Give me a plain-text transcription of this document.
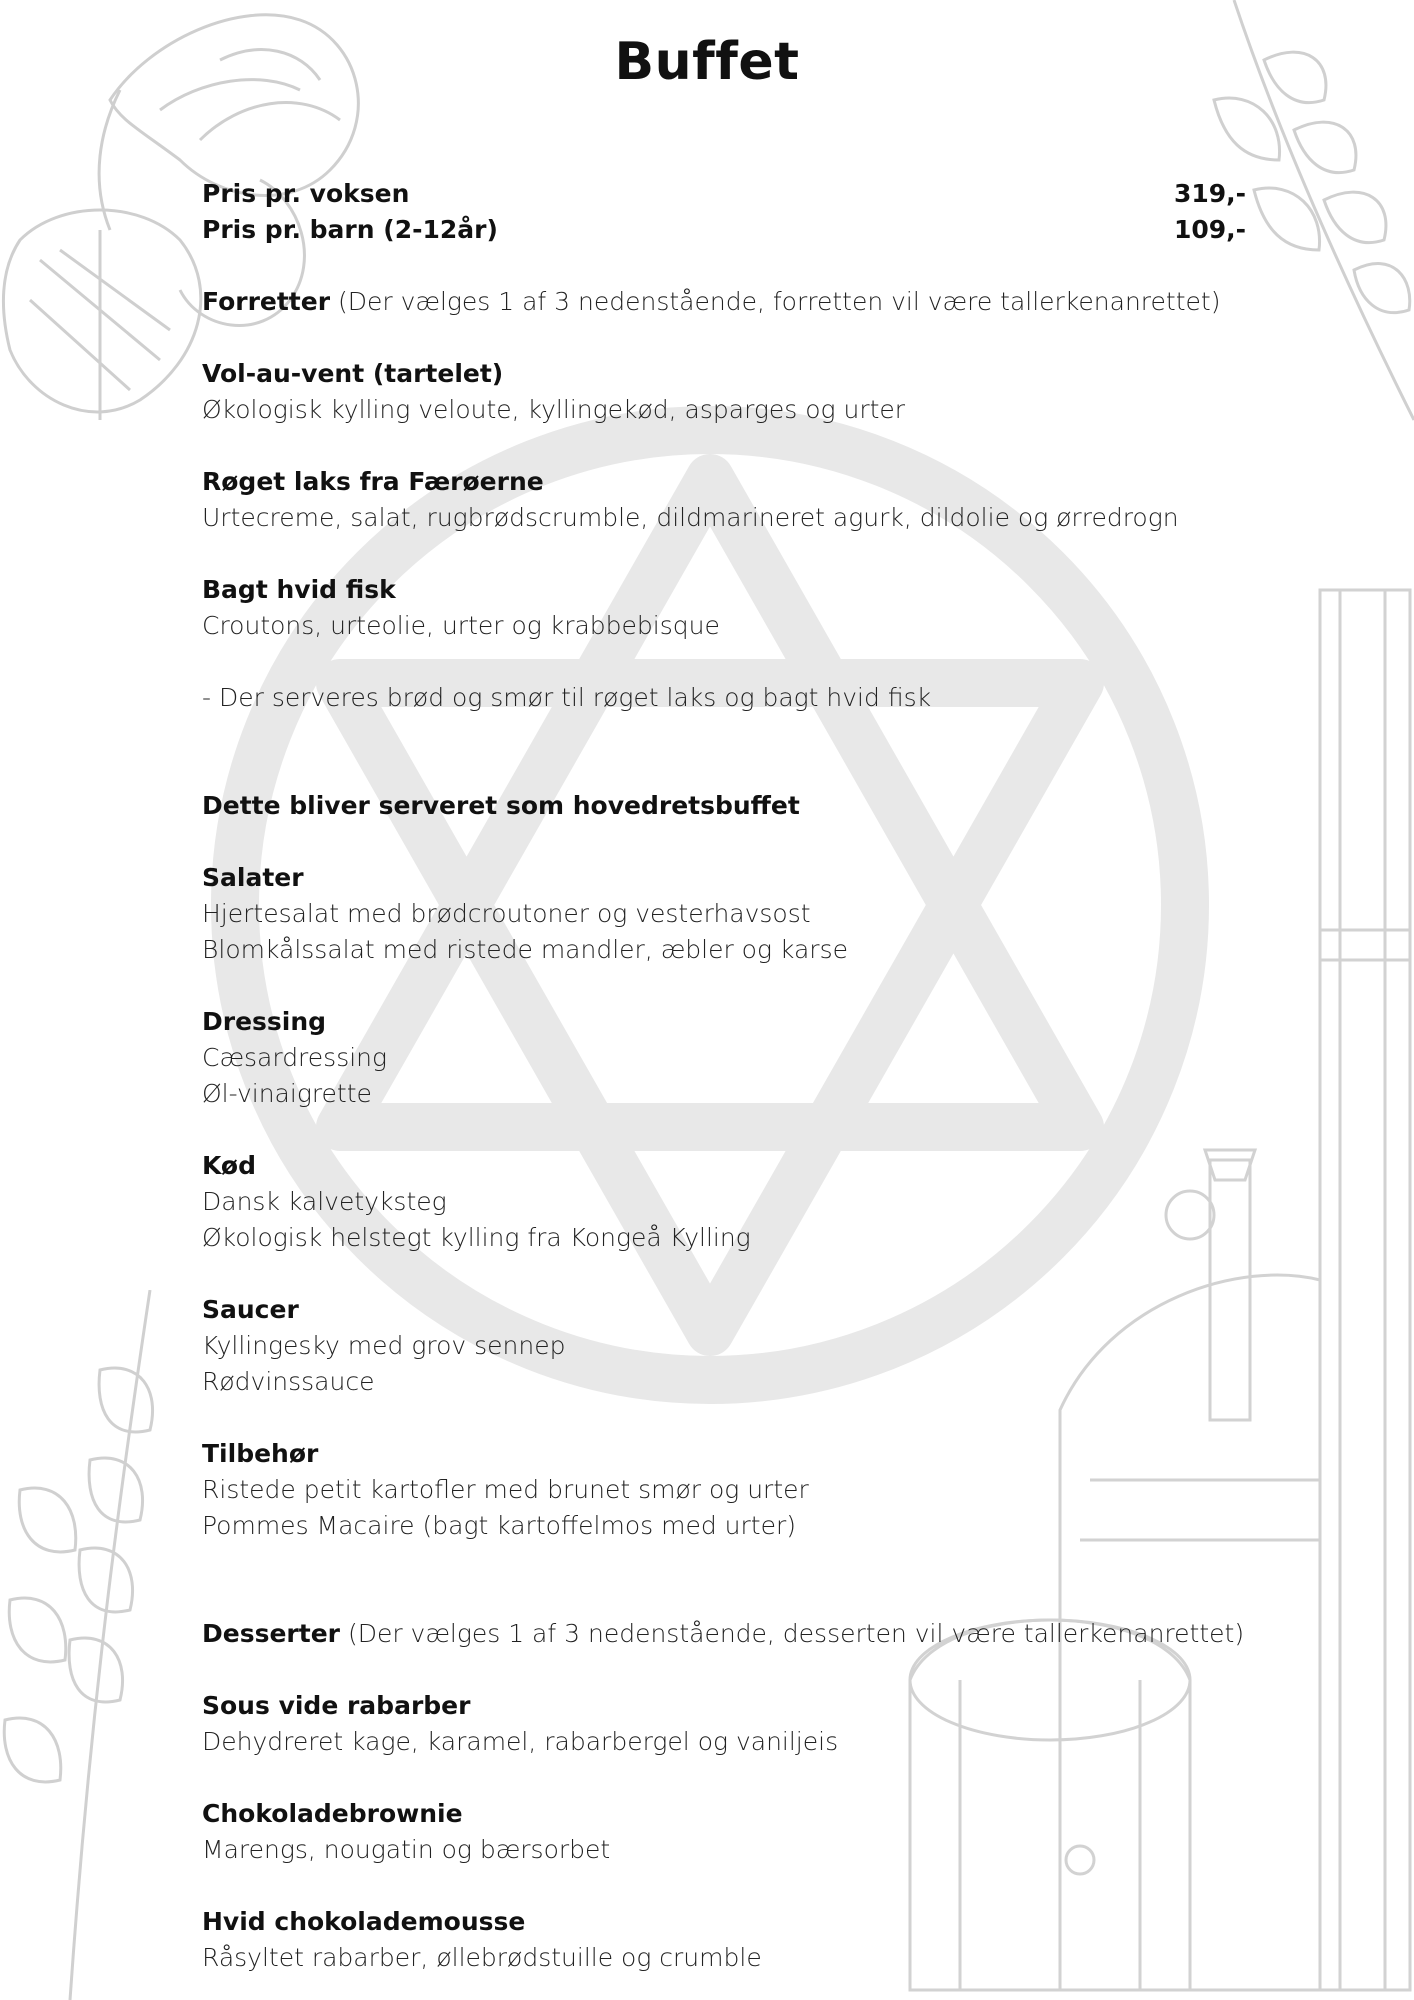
Buffet
Pris pr. voksen	319,-
Pris pr. barn (2-12år)	109,-
Forretter (Der vælges 1 af 3 nedenstående, forretten vil være tallerkenanrettet)
Vol-au-vent (tartelet)
Økologisk kylling veloute, kyllingekød, asparges og urter
Røget laks fra Færøerne
Urtecreme, salat, rugbrødscrumble, dildmarineret agurk, dildolie og ørredrogn
Bagt hvid fisk
Croutons, urteolie, urter og krabbebisque
- Der serveres brød og smør til røget laks og bagt hvid fisk
Dette bliver serveret som hovedretsbuffet
Salater
Hjertesalat med brødcroutoner og vesterhavsost
Blomkålssalat med ristede mandler, æbler og karse
Dressing
Cæsardressing
Øl-vinaigrette
Kød
Dansk kalvetyksteg
Økologisk helstegt kylling fra Kongeå Kylling
Saucer
Kyllingesky med grov sennep
Rødvinssauce
Tilbehør
Ristede petit kartofler med brunet smør og urter
Pommes Macaire (bagt kartoffelmos med urter)
Desserter (Der vælges 1 af 3 nedenstående, desserten vil være tallerkenanrettet)
Sous vide rabarber
Dehydreret kage, karamel, rabarbergel og vaniljeis
Chokoladebrownie
Marengs, nougatin og bærsorbet
Hvid chokolademousse
Råsyltet rabarber, øllebrødstuille og crumble
